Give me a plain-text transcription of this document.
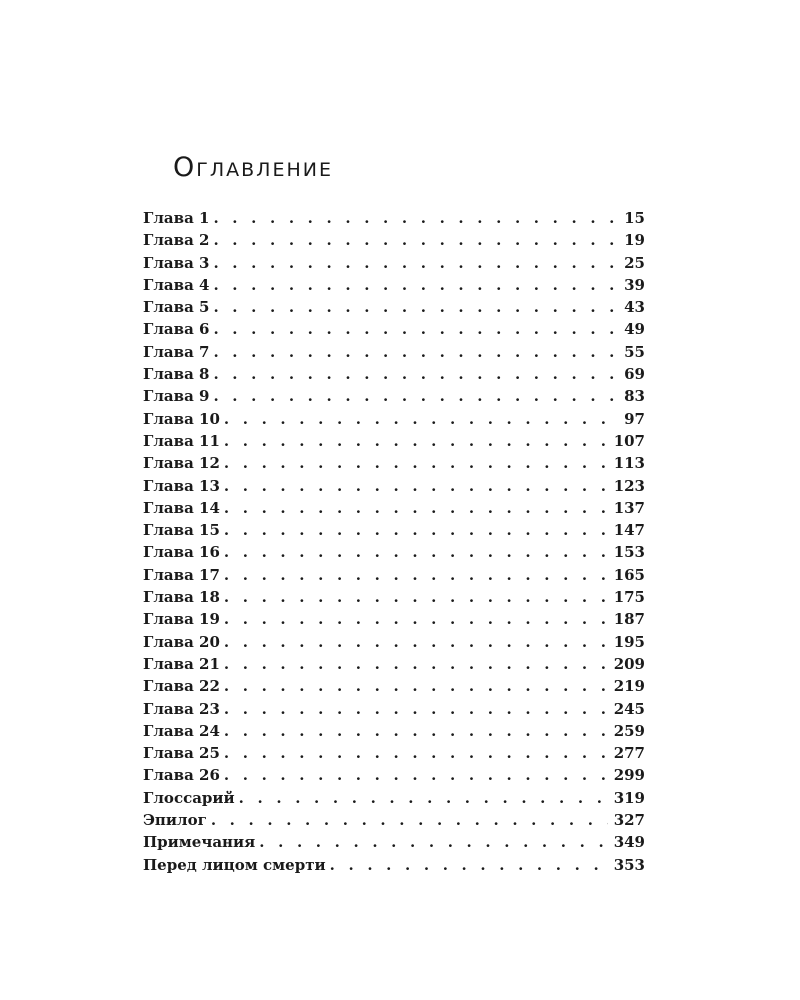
Оглавление
Глава 1 . . .	15
Глава 2 . . .	19
Глава 3 . . .	25
Глава 4 . . .	39
Глава 5 . . .	43
Глава 6 . . .	49
Глава 7 . . .	55
Глава 8 . . .	69
Глава 9 . . .	83
Глава 10 . . .	97
Глава 11 . . .	107
Глава 12 . . .	113
Глава 13 . . .	123
Глава 14 . . .	137
Глава 15 . . .	147
Глава 16 . . .	153
Глава 17 . . .	165
Глава 18 . . .	175
Глава 19 . . .	187
Глава 20 . . .	195
Глава 21 . . .	209
Глава 22 . . .	219
Глава 23 . . .	245
Глава 24 . . .	259
Глава 25 . . .	277
Глава 26 . . .	299
Глоссарий . . .	319
Эпилог . . .	327
Примечания . . .	349
Перед лицом смерти . . .	353
